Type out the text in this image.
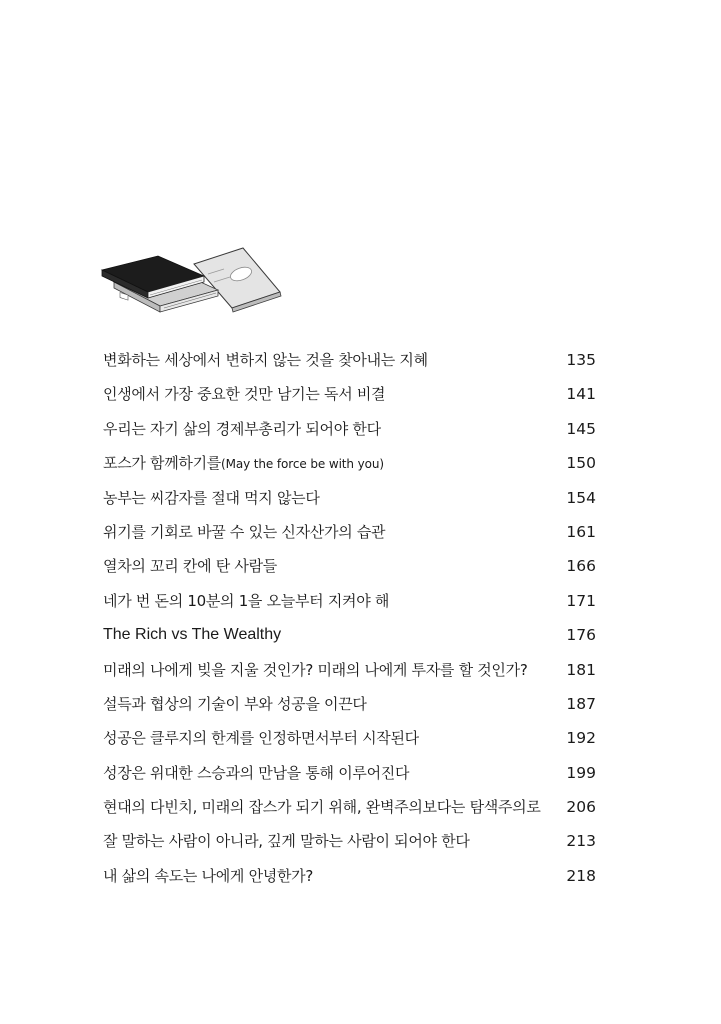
변화하는 세상에서 변하지 않는 것을 찾아내는 지혜	135
인생에서 가장 중요한 것만 남기는 독서 비결	141
우리는 자기 삶의 경제부총리가 되어야 한다	145
포스가 함께하기를(May the force be with you)	150
농부는 씨감자를 절대 먹지 않는다	154
위기를 기회로 바꿀 수 있는 신자산가의 습관	161
열차의 꼬리 칸에 탄 사람들	166
네가 번 돈의 10분의 1을 오늘부터 지켜야 해	171
The Rich vs The Wealthy	176
미래의 나에게 빚을 지울 것인가? 미래의 나에게 투자를 할 것인가?	181
설득과 협상의 기술이 부와 성공을 이끈다	187
성공은 클루지의 한계를 인정하면서부터 시작된다	192
성장은 위대한 스승과의 만남을 통해 이루어진다	199
현대의 다빈치, 미래의 잡스가 되기 위해, 완벽주의보다는 탐색주의로 206
잘 말하는 사람이 아니라, 깊게 말하는 사람이 되어야 한다	213
내 삶의 속도는 나에게 안녕한가?	218
